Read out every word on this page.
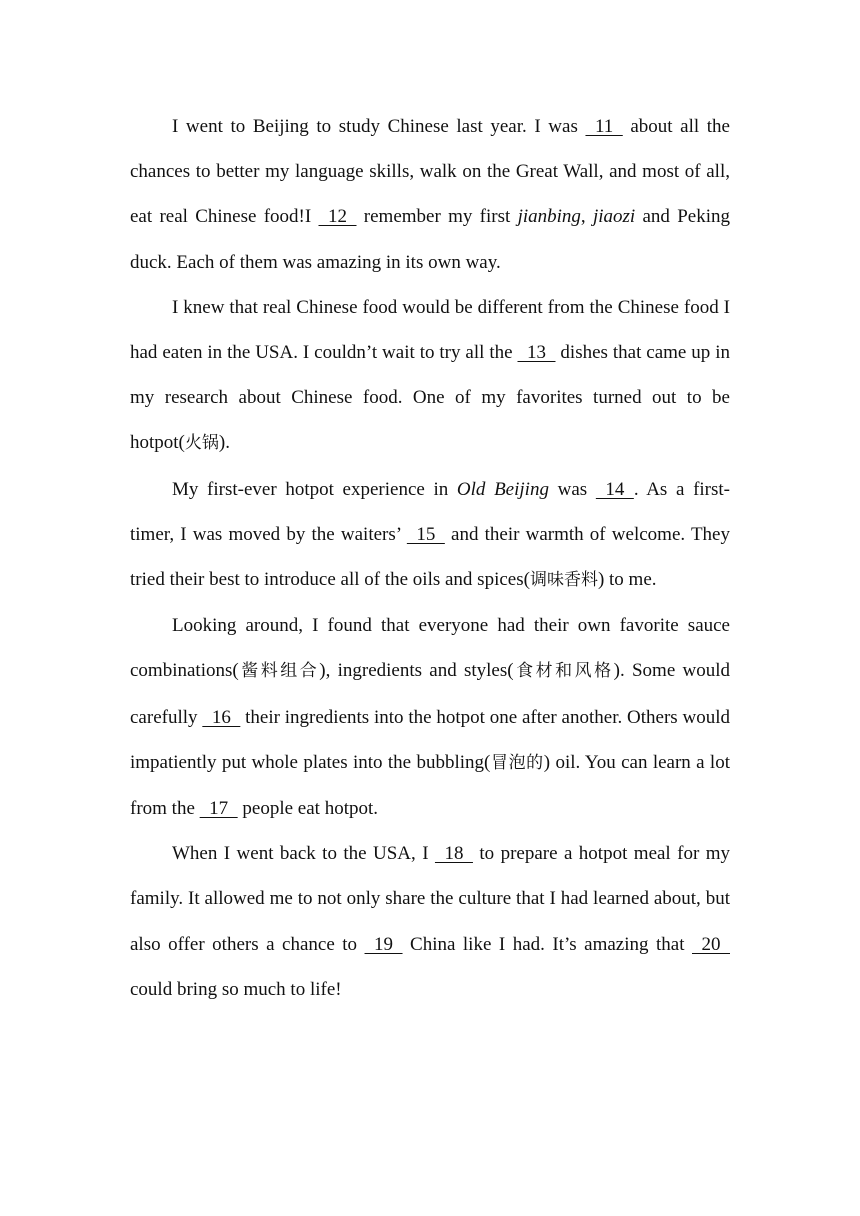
I went to Beijing to study Chinese last year. I was   11   about all the chances to better my language skills, walk on the Great Wall, and most of all, eat real Chinese food!I   12   remember my first jianbing, jiaozi and Peking duck. Each of them was amazing in its own way.

I knew that real Chinese food would be different from the Chinese food I had eaten in the USA. I couldn’t wait to try all the   13   dishes that came up in my research about Chinese food. One of my favorites turned out to be hotpot(火锅).

My first-ever hotpot experience in Old Beijing was   14  . As a first-timer, I was moved by the waiters’   15   and their warmth of welcome. They tried their best to introduce all of the oils and spices(调味香料) to me.

Looking around, I found that everyone had their own favorite sauce combinations(酱料组合), ingredients and styles(食材和风格). Some would carefully   16   their ingredients into the hotpot one after another. Others would impatiently put whole plates into the bubbling(冒泡的) oil. You can learn a lot from the   17   people eat hotpot.

When I went back to the USA, I   18   to prepare a hotpot meal for my family. It allowed me to not only share the culture that I had learned about, but also offer others a chance to   19   China like I had. It’s amazing that   20   could bring so much to life!
